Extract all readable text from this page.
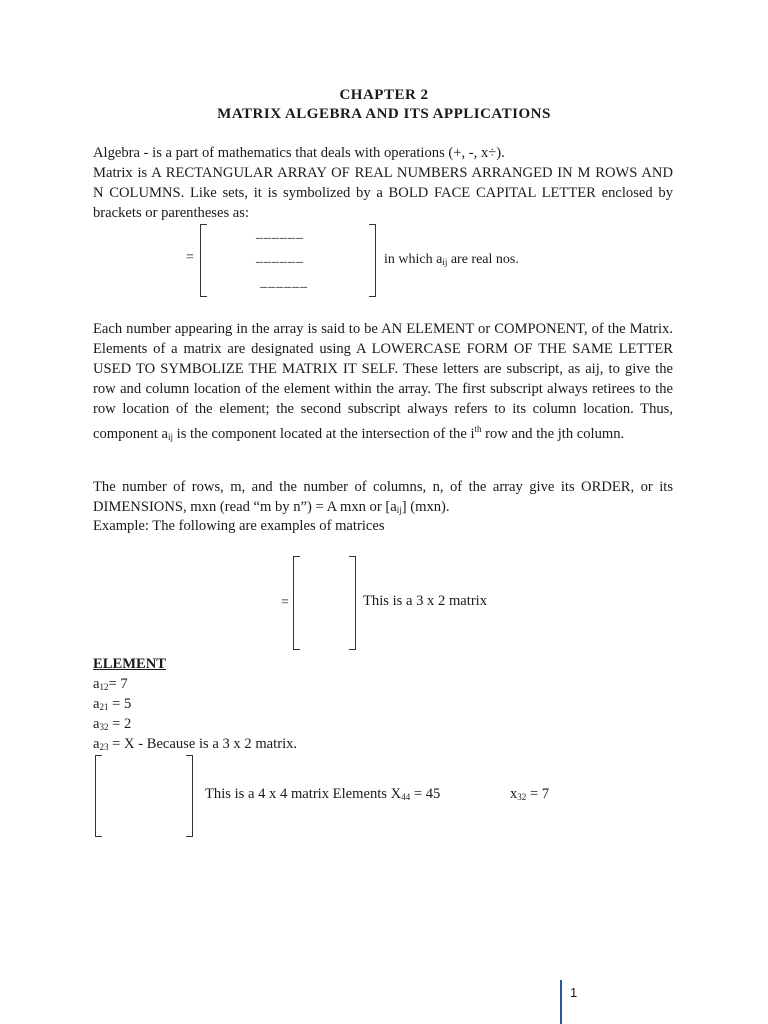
CHAPTER 2
MATRIX ALGEBRA AND ITS APPLICATIONS
Algebra - is a part of mathematics that deals with operations (+, -, x÷).
Matrix is A RECTANGULAR ARRAY OF REAL NUMBERS ARRANGED IN M ROWS AND N COLUMNS. Like sets, it is symbolized by a BOLD FACE CAPITAL LETTER enclosed by brackets or parentheses as:
=
______
______
______
in which $a_{ij}$ are real nos.
Each number appearing in the array is said to be AN ELEMENT or COMPONENT, of the Matrix. Elements of a matrix are designated using A LOWERCASE FORM OF THE SAME LETTER USED TO SYMBOLIZE THE MATRIX IT SELF. These letters are subscript, as aij, to give the row and column location of the element within the array. The first subscript always retirees to the row location of the element; the second subscript always refers to its column location. Thus, component $a_{ij}$ is the component located at the intersection of the $i^{th}$ row and the jth column.
The number of rows, m, and the number of columns, n, of the array give its ORDER, or its DIMENSIONS, mxn (read “m by n”) = A mxn or $[a_{ij}]$ (mxn).
Example: The following are examples of matrices
=	This is a 3 x 2 matrix
ELEMENT
$a_{12}= 7$
$a_{21} = 5$
$a_{32} = 2$
$a_{23} = X$ - Because is a 3 x 2 matrix.
This is a 4 x 4 matrix Elements $X_{44} = 45$	$x_{32} = 7$
1
